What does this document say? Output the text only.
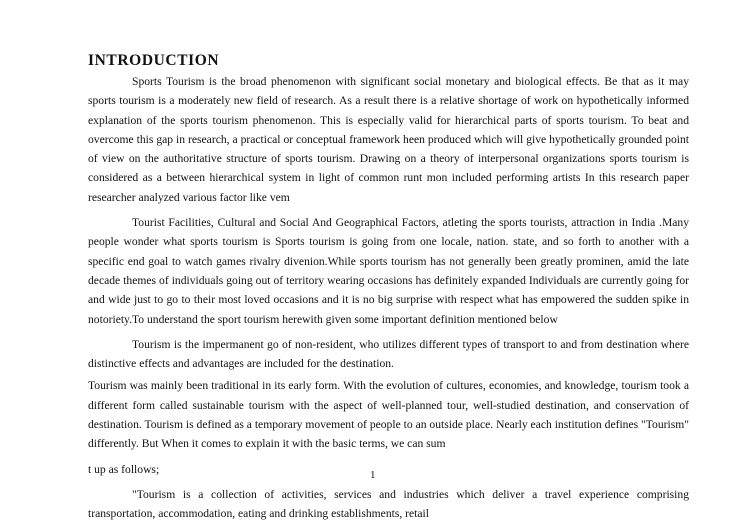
INTRODUCTION

Sports Tourism is the broad phenomenon with significant social monetary and biological effects. Be that as it may sports tourism is a moderately new field of research. As a result there is a relative shortage of work on hypothetically informed explanation of the sports tourism phenomenon. This is especially valid for hierarchical parts of sports tourism. To beat and overcome this gap in research, a practical or conceptual framework heen produced which will give hypothetically grounded point of view on the authoritative structure of sports tourism. Drawing on a theory of interpersonal organizations sports tourism is considered as a between hierarchical system in light of common runt mon included performing artists In this research paper researcher analyzed various factor like vem

Tourist Facilities, Cultural and Social And Geographical Factors, atleting the sports tourists, attraction in India .Many people wonder what sports tourism is Sports tourism is going from one locale, nation. state, and so forth to another with a specific end goal to watch games rivalry divenion.While sports tourism has not generally been greatly prominen, amid the late decade themes of individuals going out of territory wearing occasions has definitely expanded Individuals are currently going for and wide just to go to their most loved occasions and it is no big surprise with respect what has empowered the sudden spike in notoriety.To understand the sport tourism herewith given some important definition mentioned below

Tourism is the impermanent go of non-resident, who utilizes different types of transport to and from destination where distinctive effects and advantages are included for the destination.

Tourism was mainly been traditional in its early form. With the evolution of cultures, economies, and knowledge, tourism took a different form called sustainable tourism with the aspect of well-planned tour, well-studied destination, and conservation of destination. Tourism is defined as a temporary movement of people to an outside place. Nearly each institution defines "Tourism" differently. But When it comes to explain it with the basic terms, we can sum

t up as follows;

"Tourism is a collection of activities, services and industries which deliver a travel experience comprising transportation, accommodation, eating and drinking establishments, retail

1
